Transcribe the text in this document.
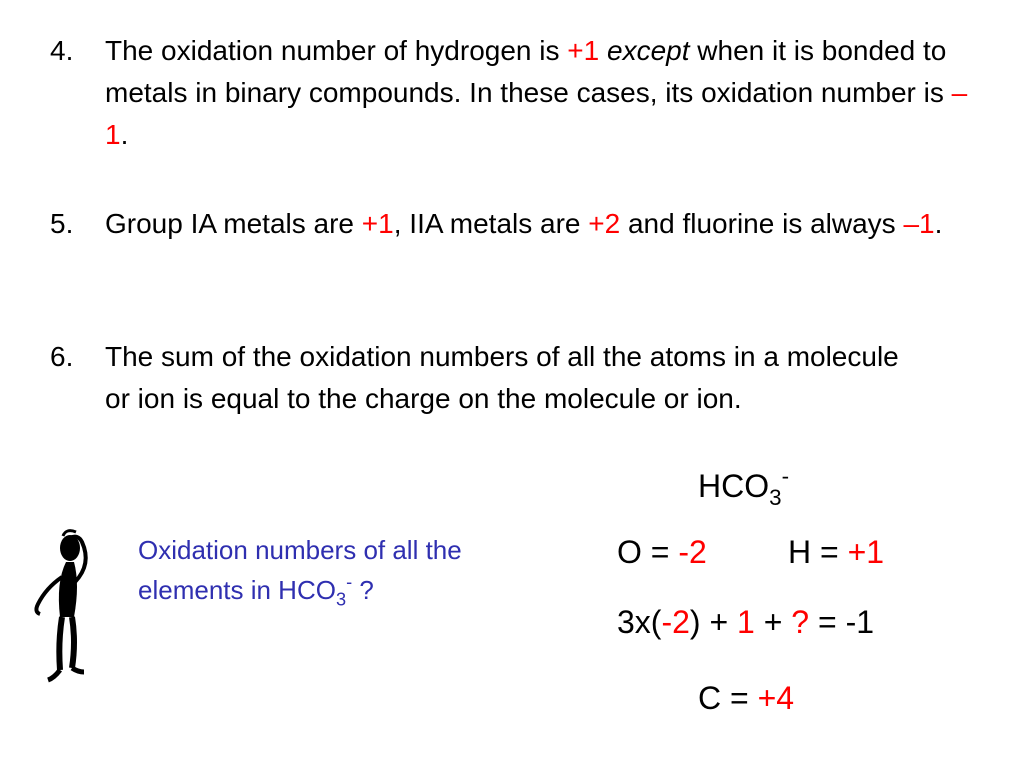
4. The oxidation number of hydrogen is +1 except when it is bonded to metals in binary compounds. In these cases, its oxidation number is –1.
5. Group IA metals are +1, IIA metals are +2 and fluorine is always –1.
6. The sum of the oxidation numbers of all the atoms in a molecule or ion is equal to the charge on the molecule or ion.
$HCO_3^-$
O = -2	H = +1
3x(-2) + 1 + ? = -1
C = +4
Oxidation numbers of all the elements in $HCO_3^-$ ?
